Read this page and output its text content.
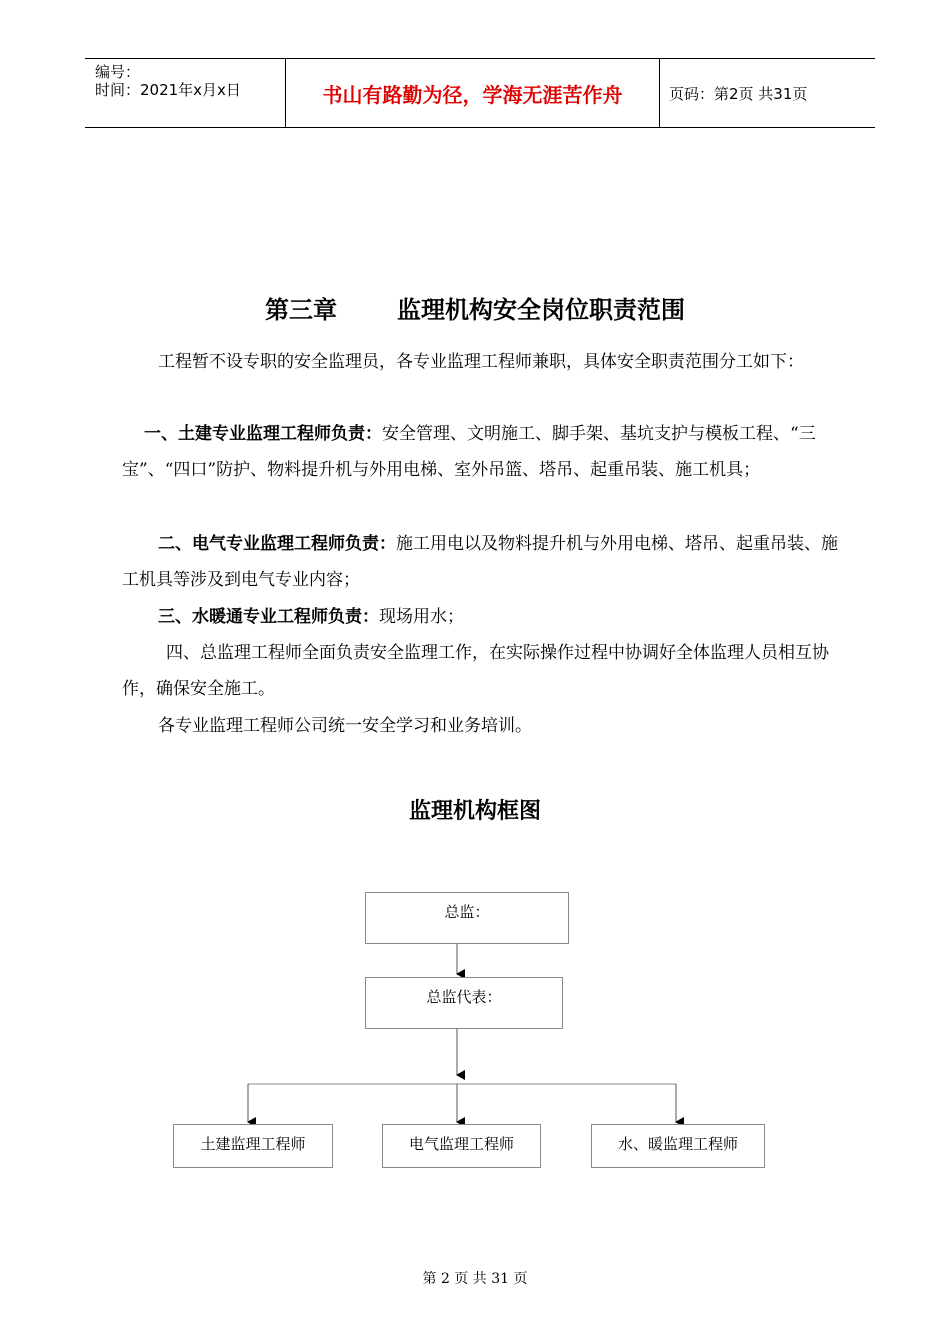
编号：
时间：2021年x月x日	书山有路勤为径，学海无涯苦作舟	页码：第2页 共31页
第三章	监理机构安全岗位职责范围
工程暂不设专职的安全监理员，各专业监理工程师兼职，具体安全职责范围分工如下：
一、土建专业监理工程师负责：安全管理、文明施工、脚手架、基坑支护与模板工程、“三宝”、“四口”防护、物料提升机与外用电梯、室外吊篮、塔吊、起重吊装、施工机具；
二、电气专业监理工程师负责：施工用电以及物料提升机与外用电梯、塔吊、起重吊装、施工机具等涉及到电气专业内容；
三、水暖通专业工程师负责：现场用水；
四、总监理工程师全面负责安全监理工作，在实际操作过程中协调好全体监理人员相互协作，确保安全施工。
各专业监理工程师公司统一安全学习和业务培训。
监理机构框图
总监：
总监代表：
土建监理工程师	电气监理工程师	水、暖监理工程师
第 2 页 共 31 页
